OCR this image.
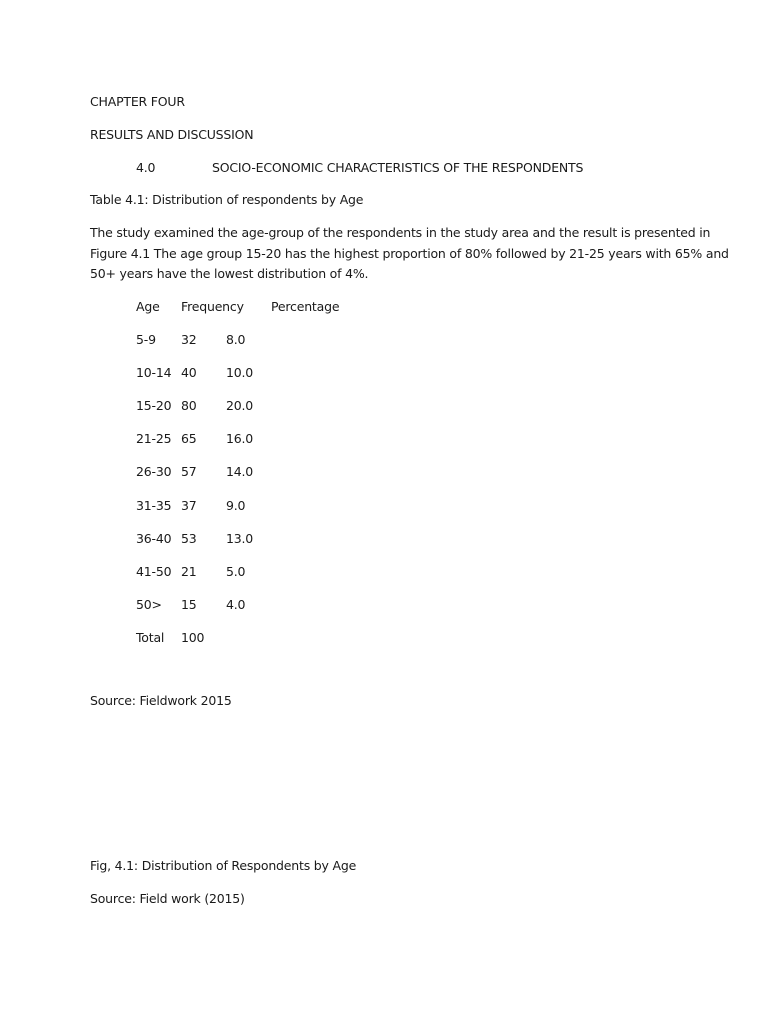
CHAPTER FOUR
RESULTS AND DISCUSSION
4.0	SOCIO-ECONOMIC CHARACTERISTICS OF THE RESPONDENTS
Table 4.1: Distribution of respondents by Age
The study examined the age-group of the respondents in the study area and the result is presented in
Figure 4.1 The age group 15-20 has the highest proportion of 80% followed by 21-25 years with 65% and
50+ years have the lowest distribution of 4%.
Age Frequency Percentage
5-9 32 8.0
10-14 40 10.0
15-20 80 20.0
21-25 65 16.0
26-30 57 14.0
31-35 37 9.0
36-40 53 13.0
41-50 21 5.0
50> 15 4.0
Total 100
Source: Fieldwork 2015
Fig, 4.1: Distribution of Respondents by Age
Source: Field work (2015)
